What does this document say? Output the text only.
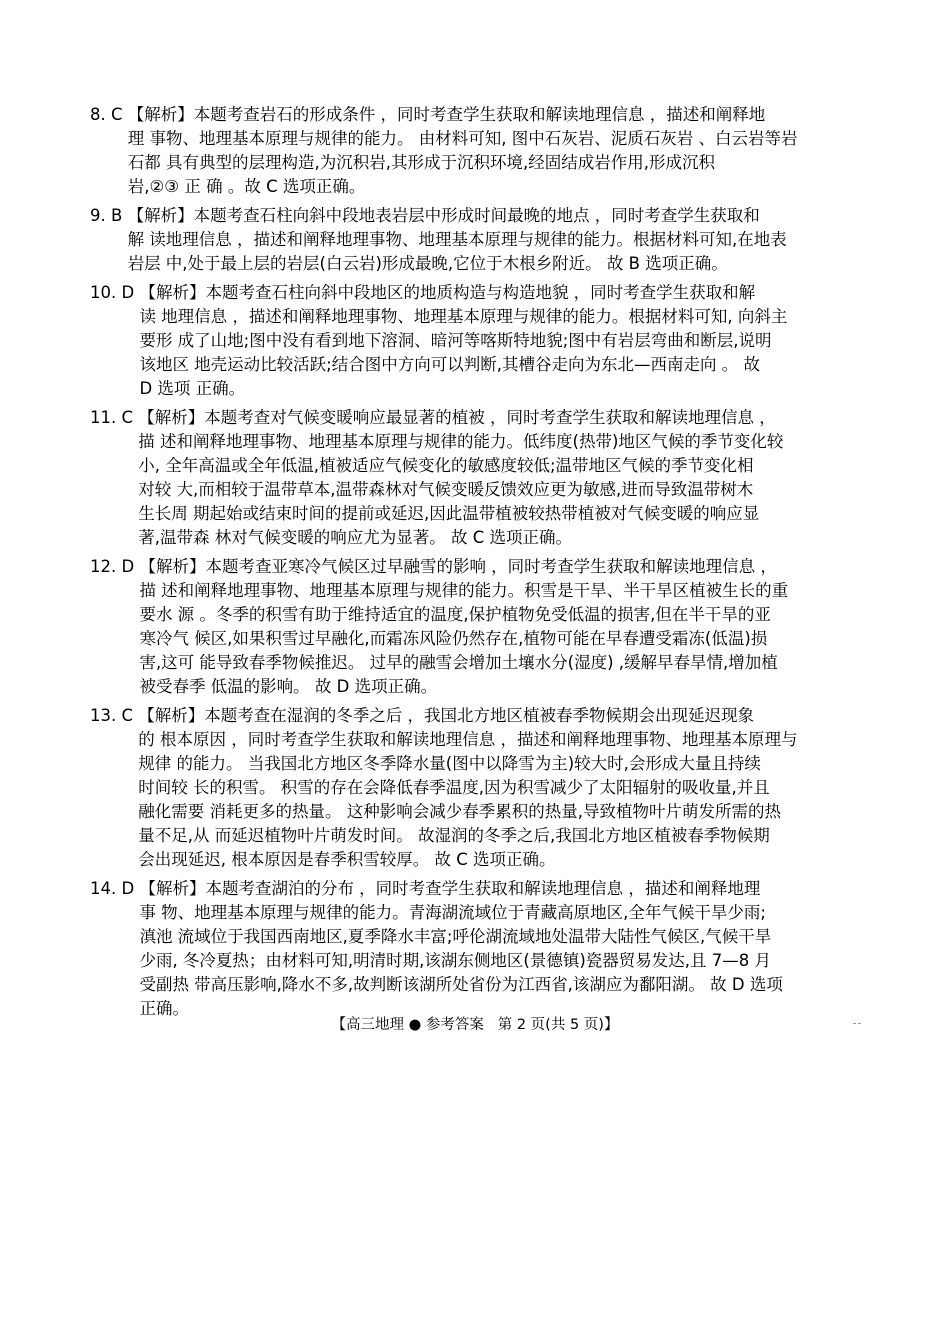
8. C 【解析】本题考查岩石的形成条件 ，同时考查学生获取和解读地理信息 ，描述和阐释地
理 事物、地理基本原理与规律的能力。 由材料可知, 图中石灰岩、泥质石灰岩 、白云岩等岩
石都 具有典型的层理构造,为沉积岩,其形成于沉积环境,经固结成岩作用,形成沉积
岩,②③ 正 确 。故 C 选项正确。
9. B 【解析】本题考查石柱向斜中段地表岩层中形成时间最晚的地点 ，同时考查学生获取和
解 读地理信息 ，描述和阐释地理事物、地理基本原理与规律的能力。根据材料可知,在地表
岩层 中,处于最上层的岩层(白云岩)形成最晚,它位于木根乡附近。 故 B 选项正确。
10. D 【解析】本题考查石柱向斜中段地区的地质构造与构造地貌 ，同时考查学生获取和解
读 地理信息 ，描述和阐释地理事物、地理基本原理与规律的能力。根据材料可知, 向斜主
要形 成了山地;图中没有看到地下溶洞、暗河等喀斯特地貌;图中有岩层弯曲和断层,说明
该地区 地壳运动比较活跃;结合图中方向可以判断,其槽谷走向为东北—西南走向 。 故
D 选项 正确。
11. C 【解析】本题考查对气候变暖响应最显著的植被 ，同时考查学生获取和解读地理信息 ，
描 述和阐释地理事物、地理基本原理与规律的能力。低纬度(热带)地区气候的季节变化较
小, 全年高温或全年低温,植被适应气候变化的敏感度较低;温带地区气候的季节变化相
对较 大,而相较于温带草本,温带森林对气候变暖反馈效应更为敏感,进而导致温带树木
生长周 期起始或结束时间的提前或延迟,因此温带植被较热带植被对气候变暖的响应显
著,温带森 林对气候变暖的响应尤为显著。 故 C 选项正确。
12. D 【解析】本题考查亚寒冷气候区过早融雪的影响 ，同时考查学生获取和解读地理信息 ，
描 述和阐释地理事物、地理基本原理与规律的能力。积雪是干旱、半干旱区植被生长的重
要水 源 。冬季的积雪有助于维持适宜的温度,保护植物免受低温的损害,但在半干旱的亚
寒冷气 候区,如果积雪过早融化,而霜冻风险仍然存在,植物可能在早春遭受霜冻(低温)损
害,这可 能导致春季物候推迟。 过早的融雪会增加土壤水分(湿度) ,缓解早春旱情,增加植
被受春季 低温的影响。 故 D 选项正确。
13. C 【解析】本题考查在湿润的冬季之后 ，我国北方地区植被春季物候期会出现延迟现象
的 根本原因 ，同时考查学生获取和解读地理信息 ，描述和阐释地理事物、地理基本原理与
规律 的能力。 当我国北方地区冬季降水量(图中以降雪为主)较大时,会形成大量且持续
时间较 长的积雪。 积雪的存在会降低春季温度,因为积雪减少了太阳辐射的吸收量,并且
融化需要 消耗更多的热量。 这种影响会减少春季累积的热量,导致植物叶片萌发所需的热
量不足,从 而延迟植物叶片萌发时间。 故湿润的冬季之后,我国北方地区植被春季物候期
会出现延迟, 根本原因是春季积雪较厚。 故 C 选项正确。
14. D 【解析】本题考查湖泊的分布 ，同时考查学生获取和解读地理信息 ，描述和阐释地理
事 物、地理基本原理与规律的能力。青海湖流域位于青藏高原地区,全年气候干旱少雨;
滇池 流域位于我国西南地区,夏季降水丰富;呼伦湖流域地处温带大陆性气候区,气候干旱
少雨, 冬冷夏热；由材料可知,明清时期,该湖东侧地区(景德镇)瓷器贸易发达,且 7—8 月
受副热 带高压影响,降水不多,故判断该湖所处省份为江西省,该湖应为鄱阳湖。 故 D 选项
正确。
【高三地理 ● 参考答案   第 2 页(共 5 页)】
